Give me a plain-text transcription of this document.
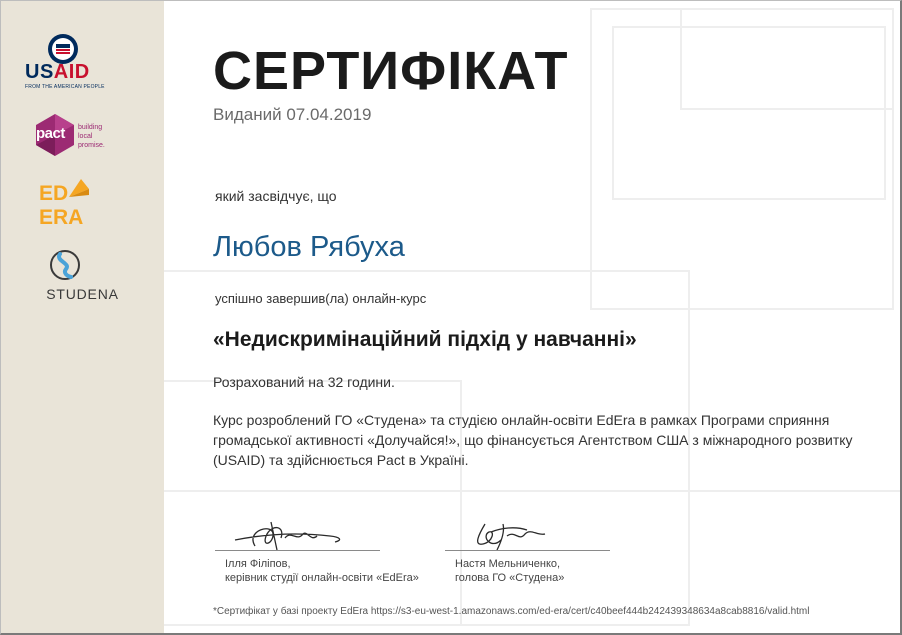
USAID
FROM THE AMERICAN PEOPLE
pact building
local
promise.
ED
ERA
STUDENA
СЕРТИФІКАТ
Виданий 07.04.2019
який засвідчує, що
Любов Рябуха
успішно завершив(ла) онлайн-курс
«Недискримінаційний підхід у навчанні»
Розрахований на 32 години.
Курс розроблений ГО «Студена» та студією онлайн-освіти EdEra в рамках Програми сприяння громадської активності «Долучайся!», що фінансується Агентством США з міжнародного розвитку (USAID) та здійснюється Pact в Україні.
Ілля Філіпов,
керівник студії онлайн-освіти «EdEra»
Настя Мельниченко,
голова ГО «Студена»
*Сертифікат у базі проекту EdEra https://s3-eu-west-1.amazonaws.com/ed-era/cert/c40beef444b242439348634a8cab8816/valid.html
